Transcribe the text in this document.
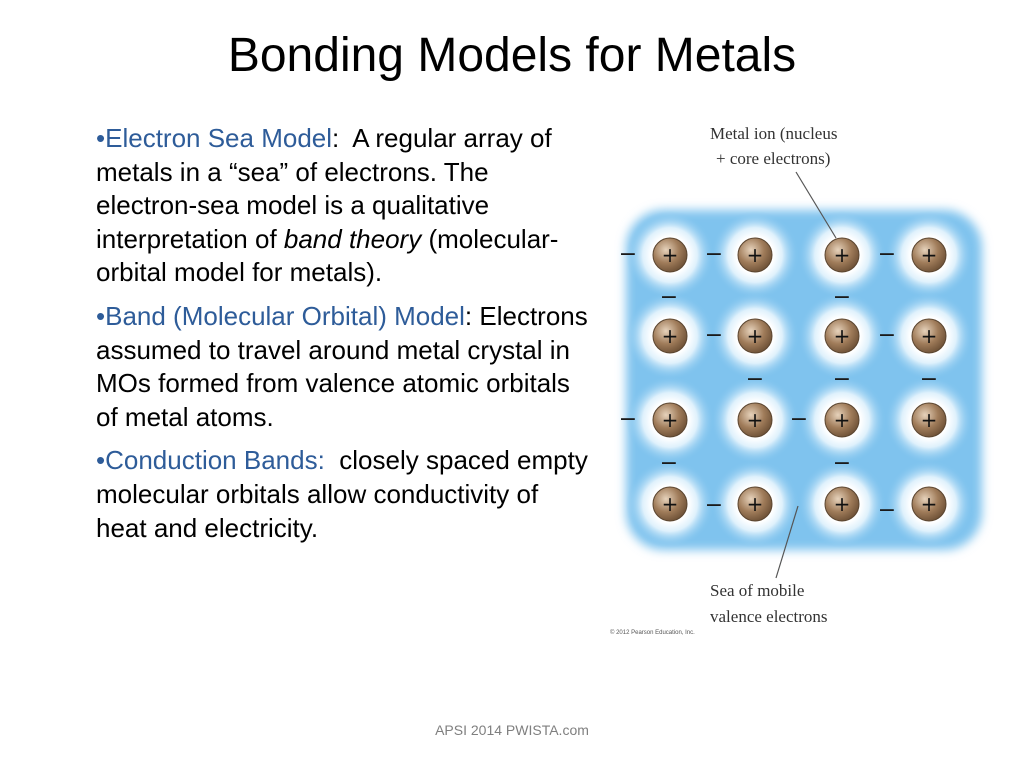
Bonding Models for Metals
•Electron Sea Model:  A regular array of metals in a “sea” of electrons. The electron-sea model is a qualitative interpretation of band theory (molecular-orbital model for metals).
•Band (Molecular Orbital) Model: Electrons assumed to travel around metal crystal in MOs formed from valence atomic orbitals of metal atoms.
•Conduction Bands: closely spaced empty molecular orbitals allow conductivity of heat and electricity.
+	+	+	+
+	+	+	+
+	+	+	+
+	+	+	+
−	−	−
−	−
−	−
−	−	−
−	−
−	−
−	−
Metal ion (nucleus
+ core electrons)
Sea of mobile
valence electrons
© 2012 Pearson Education, Inc.
APSI 2014 PWISTA.com
